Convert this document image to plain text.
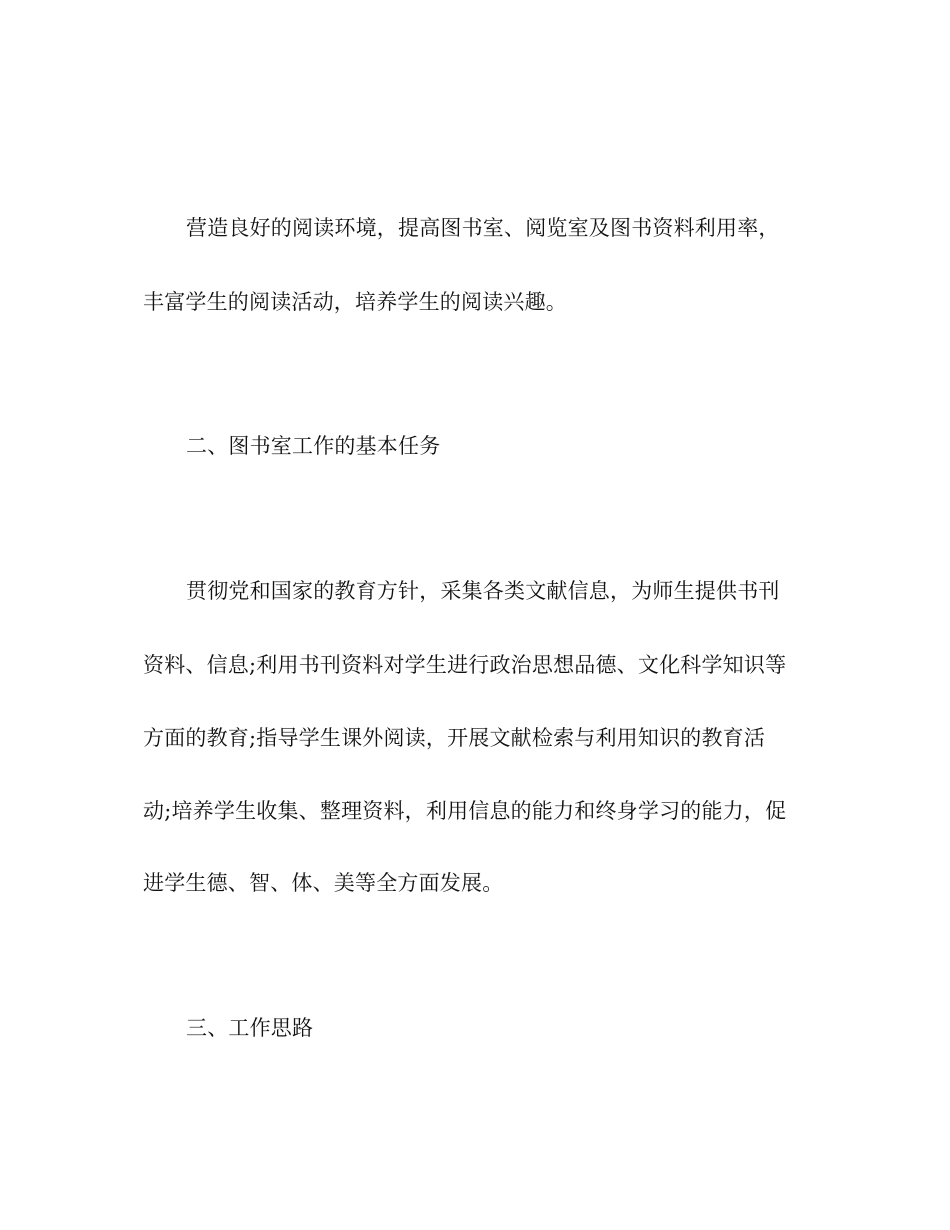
营造良好的阅读环境，提高图书室、阅览室及图书资料利用率，
丰富学生的阅读活动，培养学生的阅读兴趣。
二、图书室工作的基本任务
贯彻党和国家的教育方针，采集各类文献信息，为师生提供书刊
资料、信息;利用书刊资料对学生进行政治思想品德、文化科学知识等
方面的教育;指导学生课外阅读，开展文献检索与利用知识的教育活
动;培养学生收集、整理资料，利用信息的能力和终身学习的能力，促
进学生德、智、体、美等全方面发展。
三、工作思路
